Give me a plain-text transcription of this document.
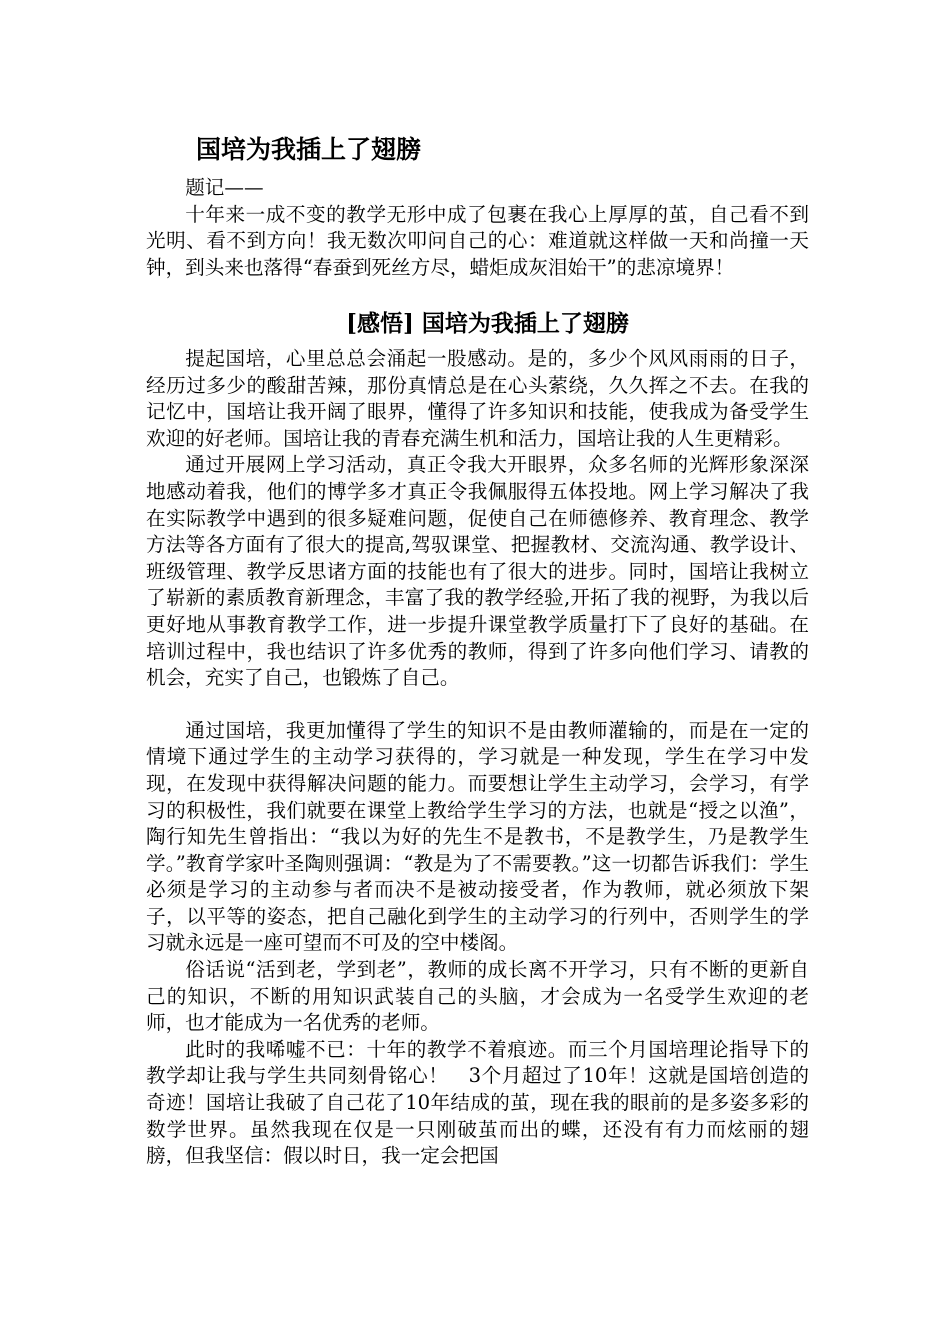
国培为我插上了翅膀

题记——

十年来一成不变的教学无形中成了包裹在我心上厚厚的茧，自己看不到光明、看不到方向！我无数次叩问自己的心：难道就这样做一天和尚撞一天钟，到头来也落得“春蚕到死丝方尽，蜡炬成灰泪始干”的悲凉境界！

[感悟] 国培为我插上了翅膀

提起国培，心里总总会涌起一股感动。是的，多少个风风雨雨的日子，经历过多少的酸甜苦辣，那份真情总是在心头萦绕，久久挥之不去。在我的记忆中，国培让我开阔了眼界，懂得了许多知识和技能，使我成为备受学生欢迎的好老师。国培让我的青春充满生机和活力，国培让我的人生更精彩。

通过开展网上学习活动，真正令我大开眼界，众多名师的光辉形象深深地感动着我，他们的博学多才真正令我佩服得五体投地。网上学习解决了我在实际教学中遇到的很多疑难问题，促使自己在师德修养、教育理念、教学方法等各方面有了很大的提高,驾驭课堂、把握教材、交流沟通、教学设计、班级管理、教学反思诸方面的技能也有了很大的进步。同时，国培让我树立了崭新的素质教育新理念，丰富了我的教学经验,开拓了我的视野，为我以后更好地从事教育教学工作，进一步提升课堂教学质量打下了良好的基础。在培训过程中，我也结识了许多优秀的教师，得到了许多向他们学习、请教的机会，充实了自己，也锻炼了自己。

通过国培，我更加懂得了学生的知识不是由教师灌输的，而是在一定的情境下通过学生的主动学习获得的，学习就是一种发现，学生在学习中发现，在发现中获得解决问题的能力。而要想让学生主动学习，会学习，有学习的积极性，我们就要在课堂上教给学生学习的方法，也就是“授之以渔”，陶行知先生曾指出：“我以为好的先生不是教书，不是教学生，乃是教学生学。”教育学家叶圣陶则强调：“教是为了不需要教。”这一切都告诉我们：学生必须是学习的主动参与者而决不是被动接受者，作为教师，就必须放下架子，以平等的姿态，把自己融化到学生的主动学习的行列中，否则学生的学习就永远是一座可望而不可及的空中楼阁。

俗话说“活到老，学到老”，教师的成长离不开学习，只有不断的更新自己的知识，不断的用知识武装自己的头脑，才会成为一名受学生欢迎的老师，也才能成为一名优秀的老师。

此时的我唏嘘不已：十年的教学不着痕迹。而三个月国培理论指导下的教学却让我与学生共同刻骨铭心！　3个月超过了10年！这就是国培创造的奇迹！国培让我破了自己花了10年结成的茧，现在我的眼前的是多姿多彩的数学世界。虽然我现在仅是一只刚破茧而出的蝶，还没有有力而炫丽的翅膀，但我坚信：假以时日，我一定会把国
